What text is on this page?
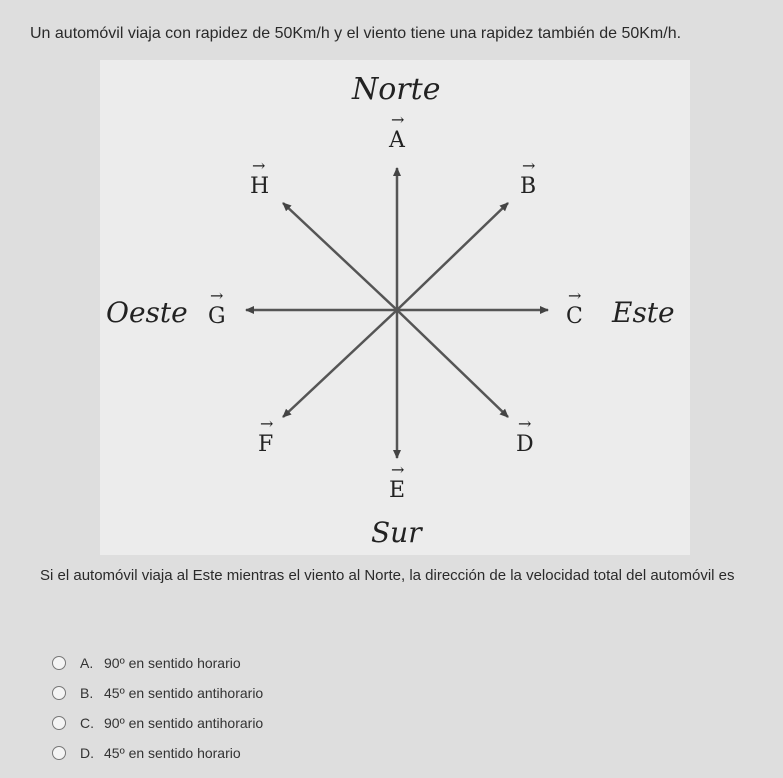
Un automóvil viaja con rapidez de 50Km/h y el viento tiene una rapidez también de 50Km/h.
Norte
Sur
Este
Oeste
→
A
→
B
→
C
→
D
→
E
→
F
→
G
→
H
Si el automóvil viaja al Este mientras el viento al Norte, la dirección de la velocidad total del automóvil es
A. 90º en sentido horario
B. 45º en sentido antihorario
C. 90º en sentido antihorario
D. 45º en sentido horario
